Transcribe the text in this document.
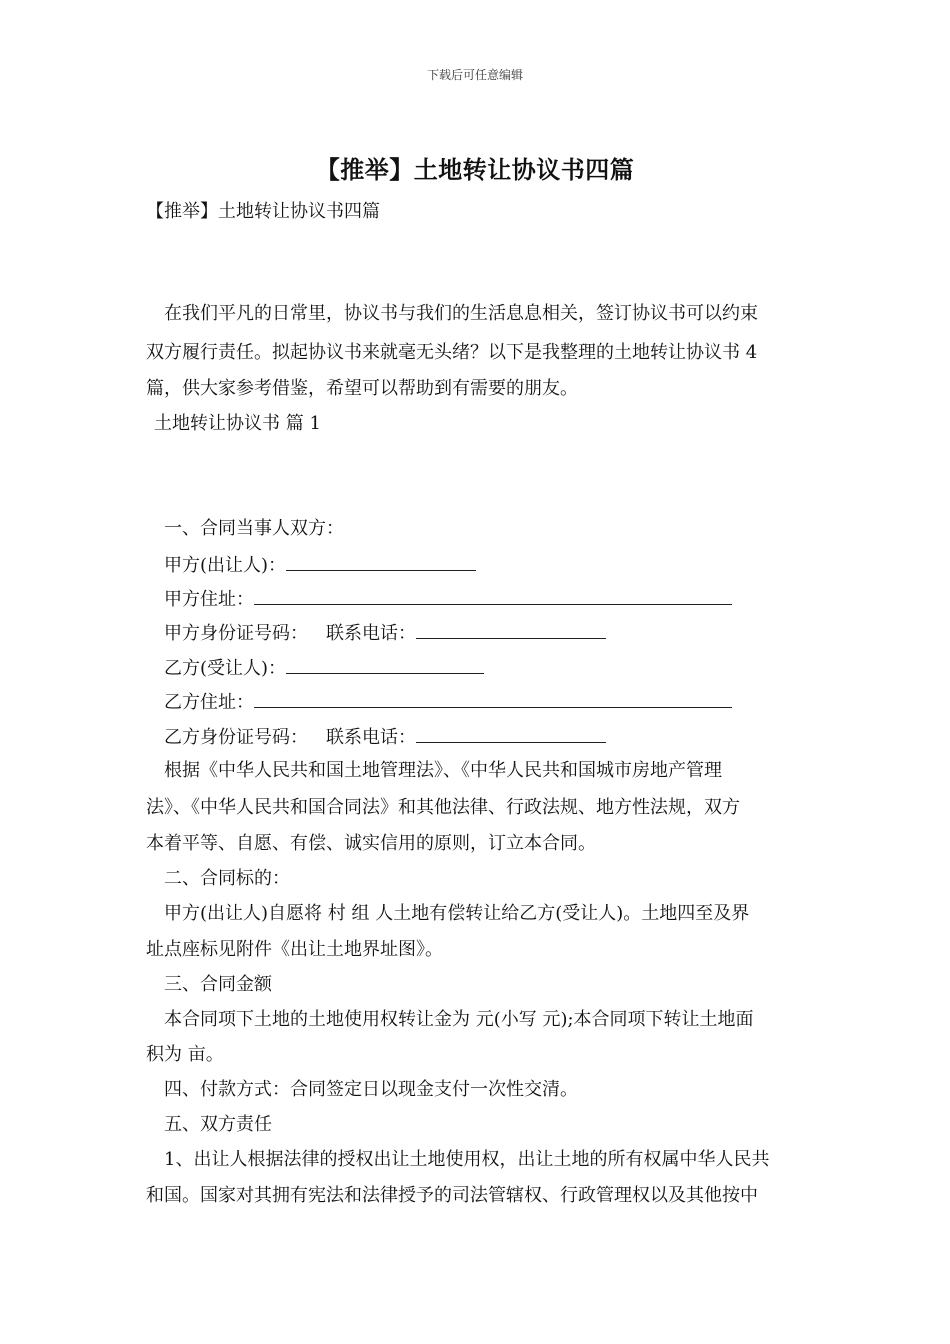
下载后可任意编辑
【推举】土地转让协议书四篇
【推举】土地转让协议书四篇
在我们平凡的日常里，协议书与我们的生活息息相关，签订协议书可以约束
双方履行责任。拟起协议书来就毫无头绪？以下是我整理的土地转让协议书 4
篇，供大家参考借鉴，希望可以帮助到有需要的朋友。
土地转让协议书 篇 1
一、合同当事人双方：
甲方(出让人)：
甲方住址：
甲方身份证号码： 联系电话：
乙方(受让人)：
乙方住址：
乙方身份证号码： 联系电话：
根据《中华人民共和国土地管理法》、《中华人民共和国城市房地产管理
法》、《中华人民共和国合同法》和其他法律、行政法规、地方性法规，双方
本着平等、自愿、有偿、诚实信用的原则，订立本合同。
二、合同标的：
甲方(出让人)自愿将 村 组 人土地有偿转让给乙方(受让人)。土地四至及界
址点座标见附件《出让土地界址图》。
三、合同金额
本合同项下土地的土地使用权转让金为 元(小写 元);本合同项下转让土地面
积为 亩。
四、付款方式：合同签定日以现金支付一次性交清。
五、双方责任
1、出让人根据法律的授权出让土地使用权，出让土地的所有权属中华人民共
和国。国家对其拥有宪法和法律授予的司法管辖权、行政管理权以及其他按中
